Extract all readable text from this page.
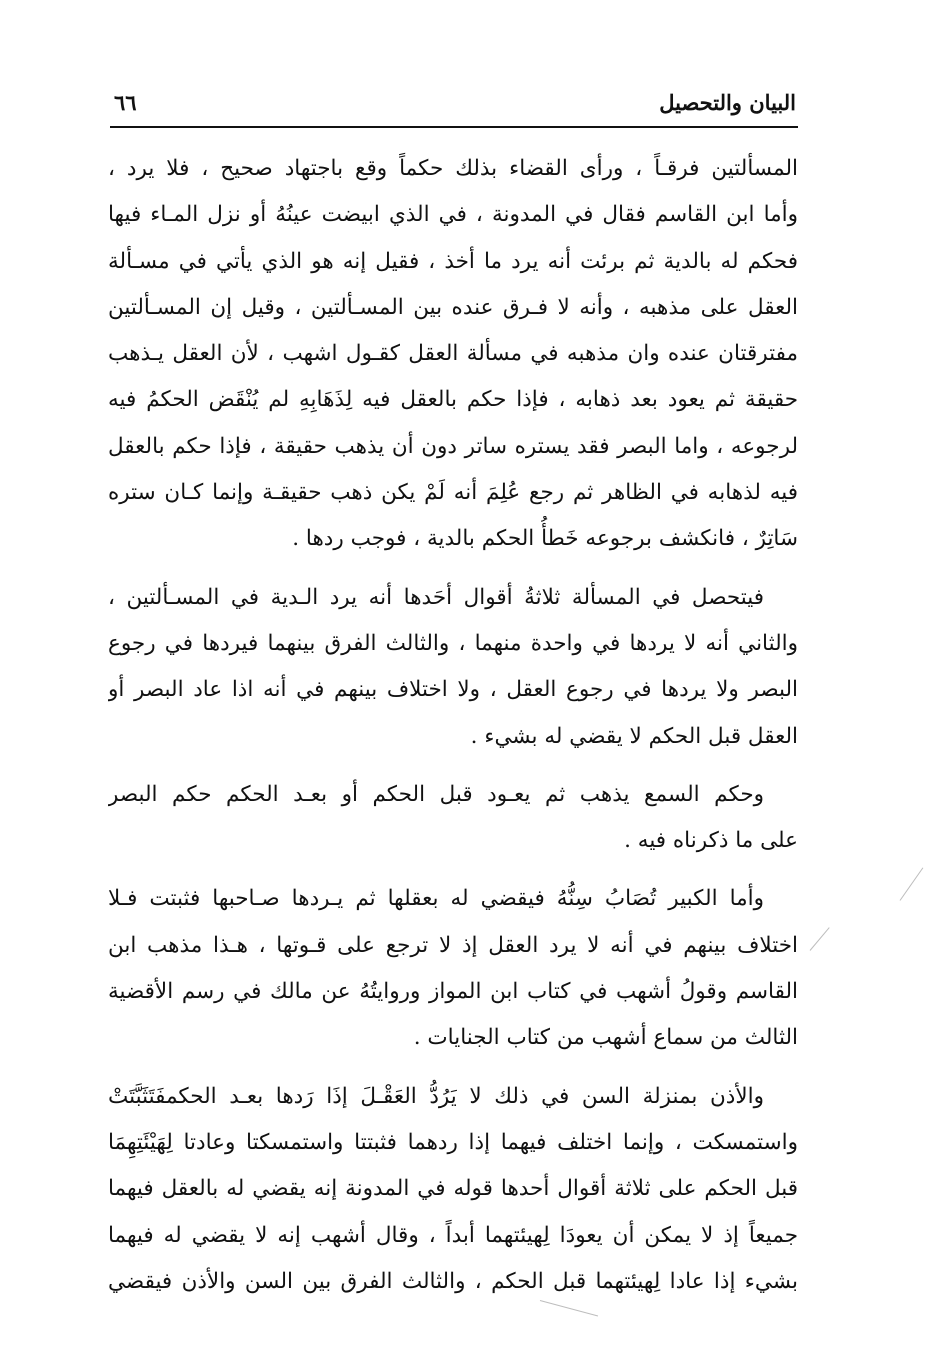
البيان والتحصيل
٦٦
المسألتين فرقـاً ، ورأى القضاء بذلك حكماً وقع باجتهاد صحيح ، فلا يرد ،
وأما ابن القاسم فقال في المدونة ، في الذي ابيضت عينُهُ أو نزل المـاء فيها
فحكم له بالدية ثم برئت أنه يرد ما أخذ ، فقيل إنه هو الذي يأتي في مسـألة
العقل على مذهبه ، وأنه لا فـرق عنده بين المسـألتين ، وقيل إن المسـألتين
مفترقتان عنده وان مذهبه في مسألة العقل كقـول اشهب ، لأن العقل يـذهب
حقيقة ثم يعود بعد ذهابه ، فإذا حكم بالعقل فيه لِذَهَابِهِ لم يُنْقَض الحكمُ فيه
لرجوعه ، واما البصر فقد يستره ساتر دون أن يذهب حقيقة ، فإذا حكم بالعقل
فيه لذهابه في الظاهر ثم رجع عُلِمَ أنه لَمْ يكن ذهب حقيقـة وإنما كـان ستره
سَاتِرٌ ، فانكشف برجوعه خَطأُ الحكم بالدية ، فوجب ردها .
فيتحصل في المسألة ثلاثةُ أقوال أحَدها أنه يرد الـدية في المسـألتين ،
والثاني أنه لا يردها في واحدة منهما ، والثالث الفرق بينهما فيردها في رجوع
البصر ولا يردها في رجوع العقل ، ولا اختلاف بينهم في أنه اذا عاد البصر أو
العقل قبل الحكم لا يقضي له بشيء .
وحكم السمع يذهب ثم يعـود قبل الحكم أو بعـد الحكم حكم البصر
على ما ذكرناه فيه .
وأما الكبير تُصَابُ سِنُّهُ فيقضي له بعقلها ثم يـردها صـاحبها فثبتت فـلا
اختلاف بينهم في أنه لا يرد العقل إذ لا ترجع على قـوتها ، هـذا مذهب ابن
القاسم وقولُ أشهب في كتاب ابن المواز وروايتُهُ عن مالك في رسم الأقضية
الثالث من سماع أشهب من كتاب الجنايات .
والأذن بمنزلة السن في ذلك لا يَرُدُّ العَقْـلَ إذَا رَدها بعـد الحكمفَتَثَبَّتَتْ
واستمسكت ، وإنما اختلف فيهما إذا ردهما فثبتتا واستمسكتا وعادتا لِهَيْئَتِهِمَا
قبل الحكم على ثلاثة أقوال أحدها قوله في المدونة إنه يقضي له بالعقل فيهما
جميعاً إذ لا يمكن أن يعودَا لِهيئتهما أبداً ، وقال أشهب إنه لا يقضي له فيهما
بشيء إذا عادا لِهيئتهما قبل الحكم ، والثالث الفرق بين السن والأذن فيقضي
